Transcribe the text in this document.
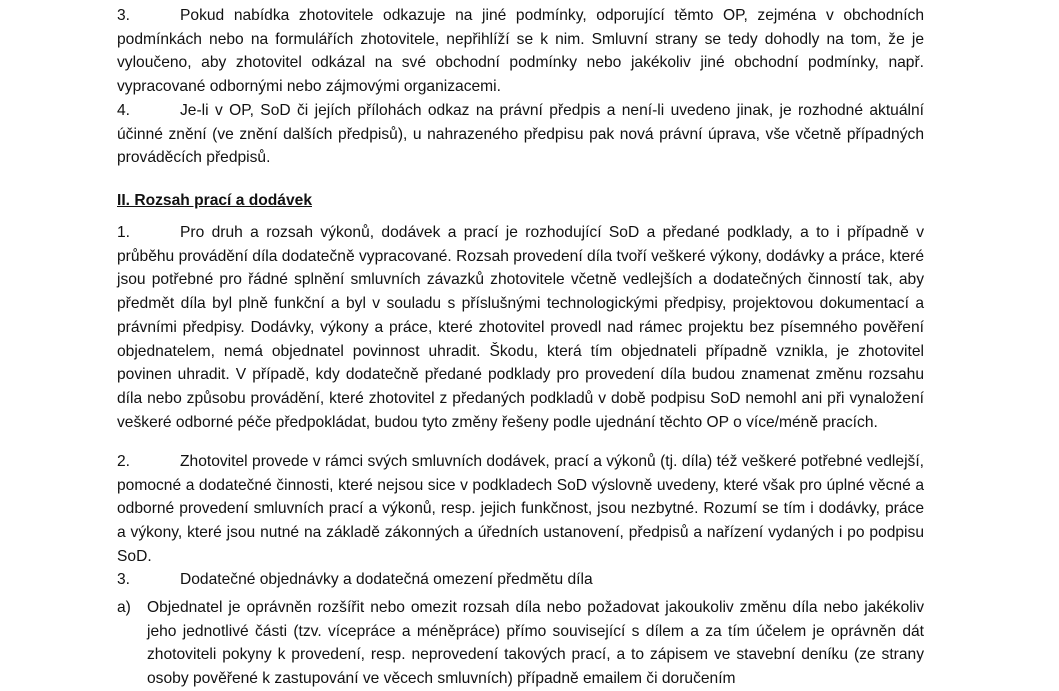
3.	Pokud nabídka zhotovitele odkazuje na jiné podmínky, odporující těmto OP, zejména v obchodních podmínkách nebo na formulářích zhotovitele, nepřihlíží se k nim. Smluvní strany se tedy dohodly na tom, že je vyloučeno, aby zhotovitel odkázal na své obchodní podmínky nebo jakékoliv jiné obchodní podmínky, např. vypracované odbornými nebo zájmovými organizacemi.

4.	Je-li v OP, SoD či jejích přílohách odkaz na právní předpis a není-li uvedeno jinak, je rozhodné aktuální účinné znění (ve znění dalších předpisů), u nahrazeného předpisu pak nová právní úprava, vše včetně případných prováděcích předpisů.

II. Rozsah prací a dodávek

1.	Pro druh a rozsah výkonů, dodávek a prací je rozhodující SoD a předané podklady, a to i případně v průběhu provádění díla dodatečně vypracované. Rozsah provedení díla tvoří veškeré výkony, dodávky a práce, které jsou potřebné pro řádné splnění smluvních závazků zhotovitele včetně vedlejších a dodatečných činností tak, aby předmět díla byl plně funkční a byl v souladu s příslušnými technologickými předpisy, projektovou dokumentací a právními předpisy. Dodávky, výkony a práce, které zhotovitel provedl nad rámec projektu bez písemného pověření objednatelem, nemá objednatel povinnost uhradit. Škodu, která tím objednateli případně vznikla, je zhotovitel povinen uhradit. V případě, kdy dodatečně předané podklady pro provedení díla budou znamenat změnu rozsahu díla nebo způsobu provádění, které zhotovitel z předaných podkladů v době podpisu SoD nemohl ani při vynaložení veškeré odborné péče předpokládat, budou tyto změny řešeny podle ujednání těchto OP o více/méně pracích.

2.	Zhotovitel provede v rámci svých smluvních dodávek, prací a výkonů (tj. díla) též veškeré potřebné vedlejší, pomocné a dodatečné činnosti, které nejsou sice v podkladech SoD výslovně uvedeny, které však pro úplné věcné a odborné provedení smluvních prací a výkonů, resp. jejich funkčnost, jsou nezbytné. Rozumí se tím i dodávky, práce a výkony, které jsou nutné na základě zákonných a úředních ustanovení, předpisů a nařízení vydaných i po podpisu SoD.

3.	Dodatečné objednávky a dodatečná omezení předmětu díla

a) Objednatel je oprávněn rozšířit nebo omezit rozsah díla nebo požadovat jakoukoliv změnu díla nebo jakékoliv jeho jednotlivé části (tzv. vícepráce a méněpráce) přímo související s dílem a za tím účelem je oprávněn dát zhotoviteli pokyny k provedení, resp. neprovedení takových prací, a to zápisem ve stavební deníku (ze strany osoby pověřené k zastupování ve věcech smluvních) případně emailem či doručením
